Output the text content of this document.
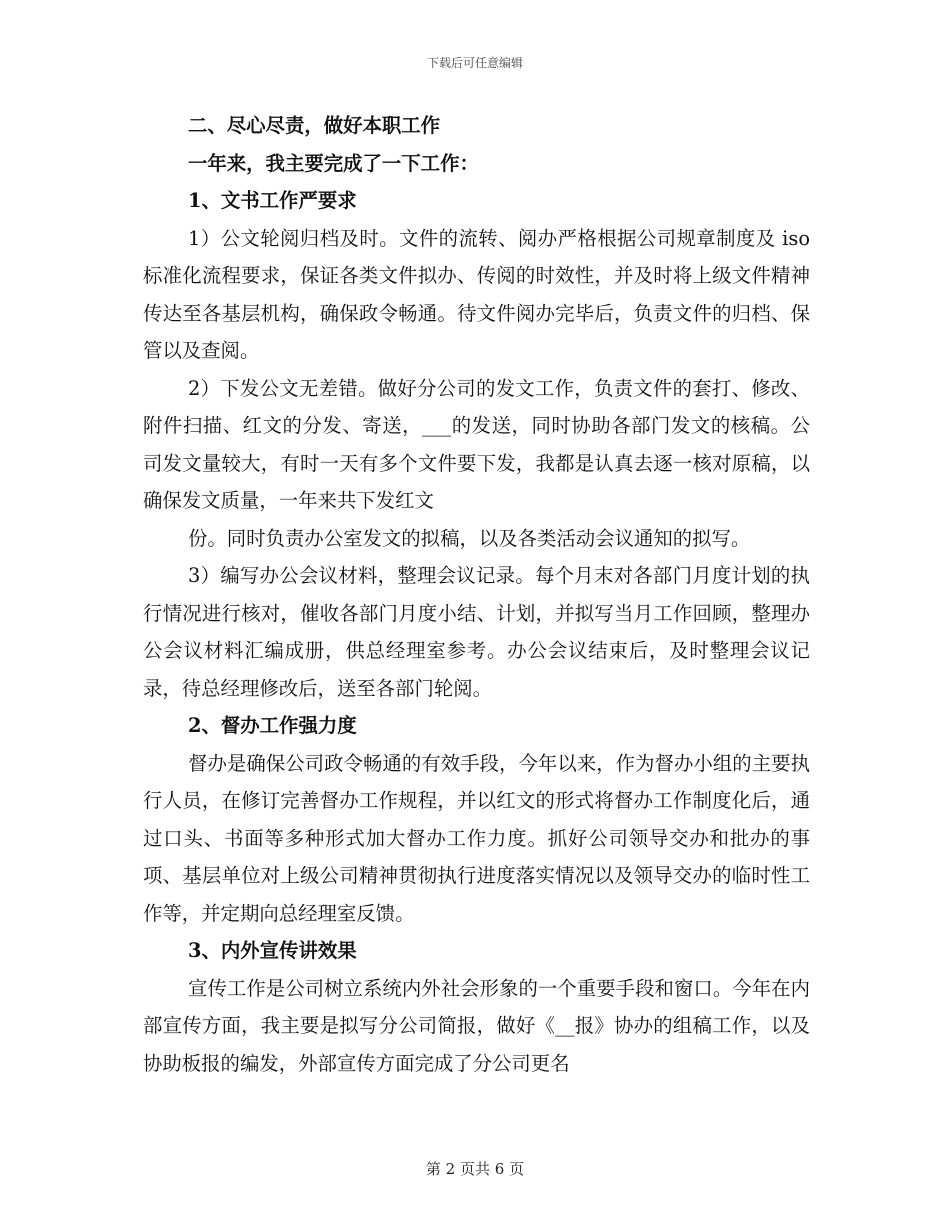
下载后可任意编辑

二、尽心尽责，做好本职工作

一年来，我主要完成了一下工作：

1、文书工作严要求

1）公文轮阅归档及时。文件的流转、阅办严格根据公司规章制度及 iso 标准化流程要求，保证各类文件拟办、传阅的时效性，并及时将上级文件精神传达至各基层机构，确保政令畅通。待文件阅办完毕后，负责文件的归档、保管以及查阅。

2）下发公文无差错。做好分公司的发文工作，负责文件的套打、修改、附件扫描、红文的分发、寄送，___的发送，同时协助各部门发文的核稿。公司发文量较大，有时一天有多个文件要下发，我都是认真去逐一核对原稿，以确保发文质量，一年来共下发红文

份。同时负责办公室发文的拟稿，以及各类活动会议通知的拟写。

3）编写办公会议材料，整理会议记录。每个月末对各部门月度计划的执行情况进行核对，催收各部门月度小结、计划，并拟写当月工作回顾，整理办公会议材料汇编成册，供总经理室参考。办公会议结束后，及时整理会议记录，待总经理修改后，送至各部门轮阅。

2、督办工作强力度

督办是确保公司政令畅通的有效手段，今年以来，作为督办小组的主要执行人员，在修订完善督办工作规程，并以红文的形式将督办工作制度化后，通过口头、书面等多种形式加大督办工作力度。抓好公司领导交办和批办的事项、基层单位对上级公司精神贯彻执行进度落实情况以及领导交办的临时性工作等，并定期向总经理室反馈。

3、内外宣传讲效果

宣传工作是公司树立系统内外社会形象的一个重要手段和窗口。今年在内部宣传方面，我主要是拟写分公司简报，做好《__报》协办的组稿工作，以及协助板报的编发，外部宣传方面完成了分公司更名

第 2 页共 6 页
